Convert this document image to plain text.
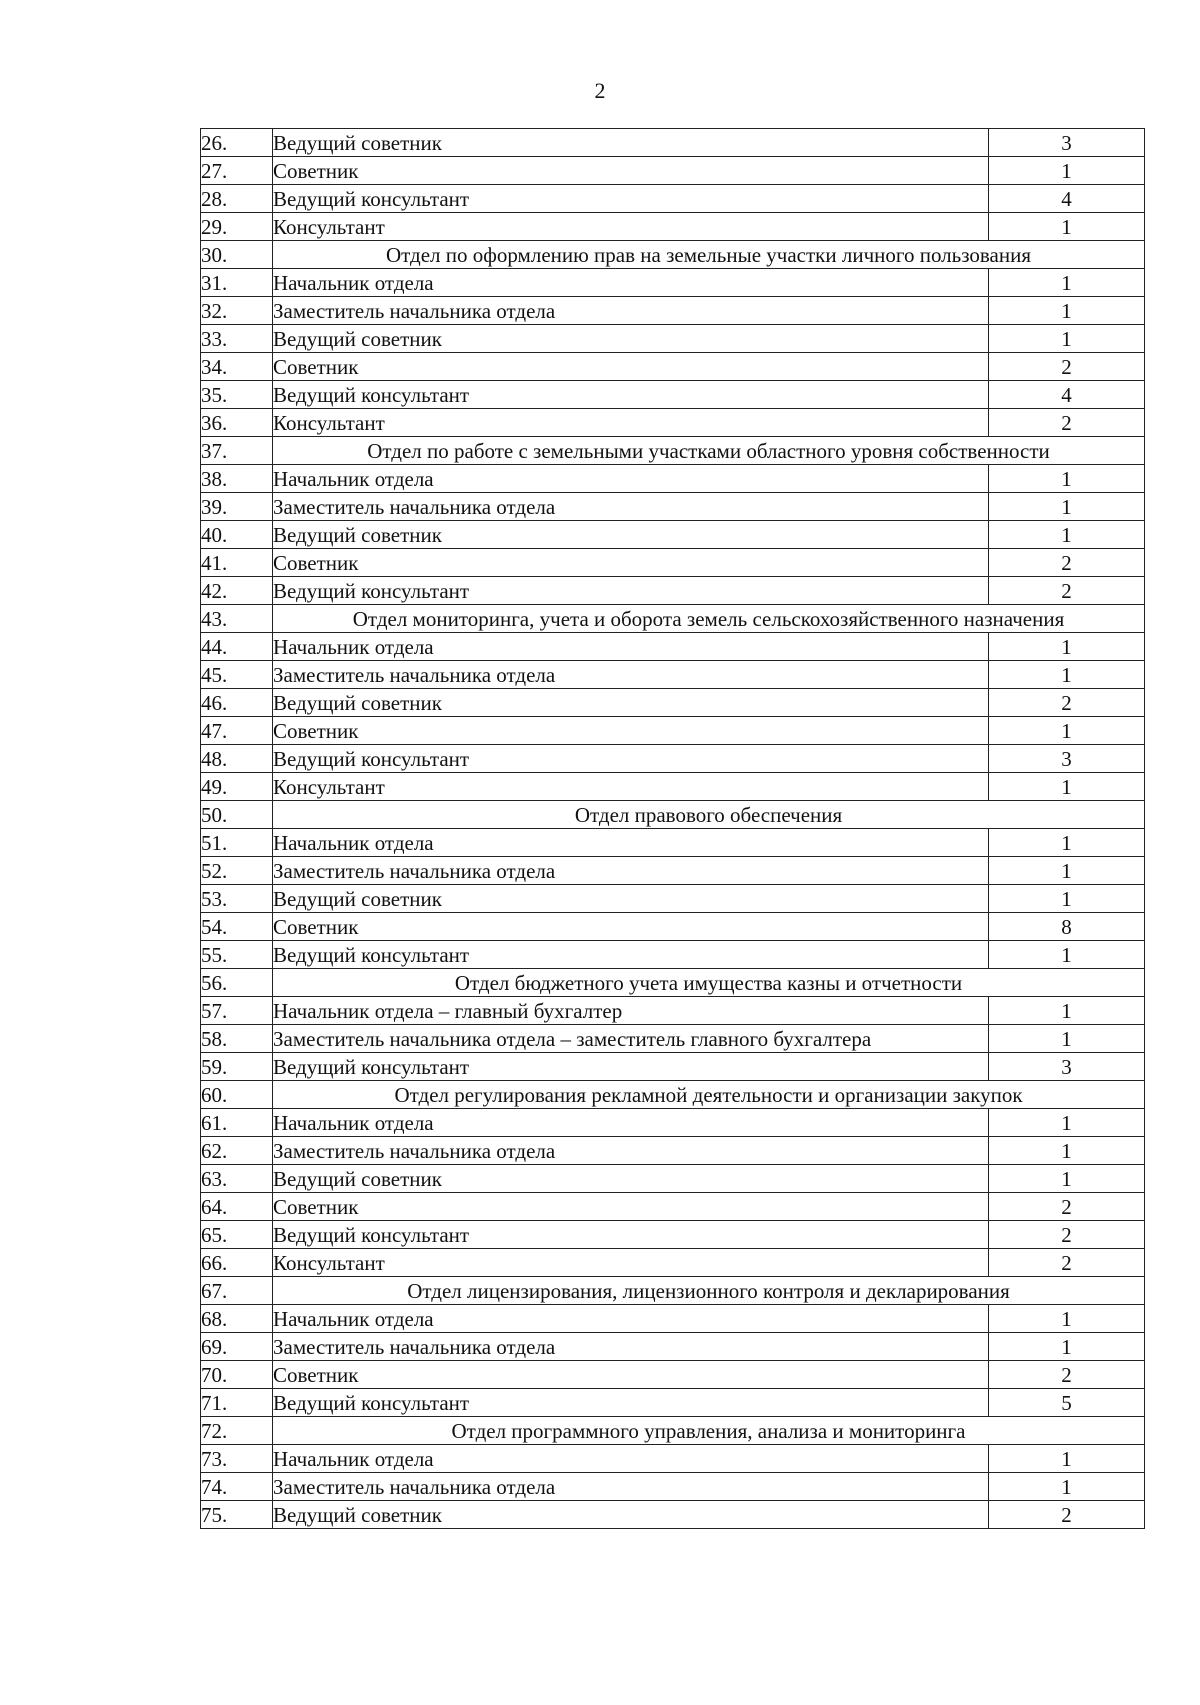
2
26.	Ведущий советник	3
27.	Советник	1
28.	Ведущий консультант	4
29.	Консультант	1
30.	Отдел по оформлению прав на земельные участки личного пользования	
31.	Начальник отдела	1
32.	Заместитель начальника отдела	1
33.	Ведущий советник	1
34.	Советник	2
35.	Ведущий консультант	4
36.	Консультант	2
37.	Отдел по работе с земельными участками областного уровня собственности	
38.	Начальник отдела	1
39.	Заместитель начальника отдела	1
40.	Ведущий советник	1
41.	Советник	2
42.	Ведущий консультант	2
43.	Отдел мониторинга, учета и оборота земель сельскохозяйственного назначения	
44.	Начальник отдела	1
45.	Заместитель начальника отдела	1
46.	Ведущий советник	2
47.	Советник	1
48.	Ведущий консультант	3
49.	Консультант	1
50.	Отдел правового обеспечения	
51.	Начальник отдела	1
52.	Заместитель начальника отдела	1
53.	Ведущий советник	1
54.	Советник	8
55.	Ведущий консультант	1
56.	Отдел бюджетного учета имущества казны и отчетности	
57.	Начальник отдела – главный бухгалтер	1
58.	Заместитель начальника отдела – заместитель главного бухгалтера	1
59.	Ведущий консультант	3
60.	Отдел регулирования рекламной деятельности и организации закупок	
61.	Начальник отдела	1
62.	Заместитель начальника отдела	1
63.	Ведущий советник	1
64.	Советник	2
65.	Ведущий консультант	2
66.	Консультант	2
67.	Отдел лицензирования, лицензионного контроля и декларирования	
68.	Начальник отдела	1
69.	Заместитель начальника отдела	1
70.	Советник	2
71.	Ведущий консультант	5
72.	Отдел программного управления, анализа и мониторинга	
73.	Начальник отдела	1
74.	Заместитель начальника отдела	1
75.	Ведущий советник	2
